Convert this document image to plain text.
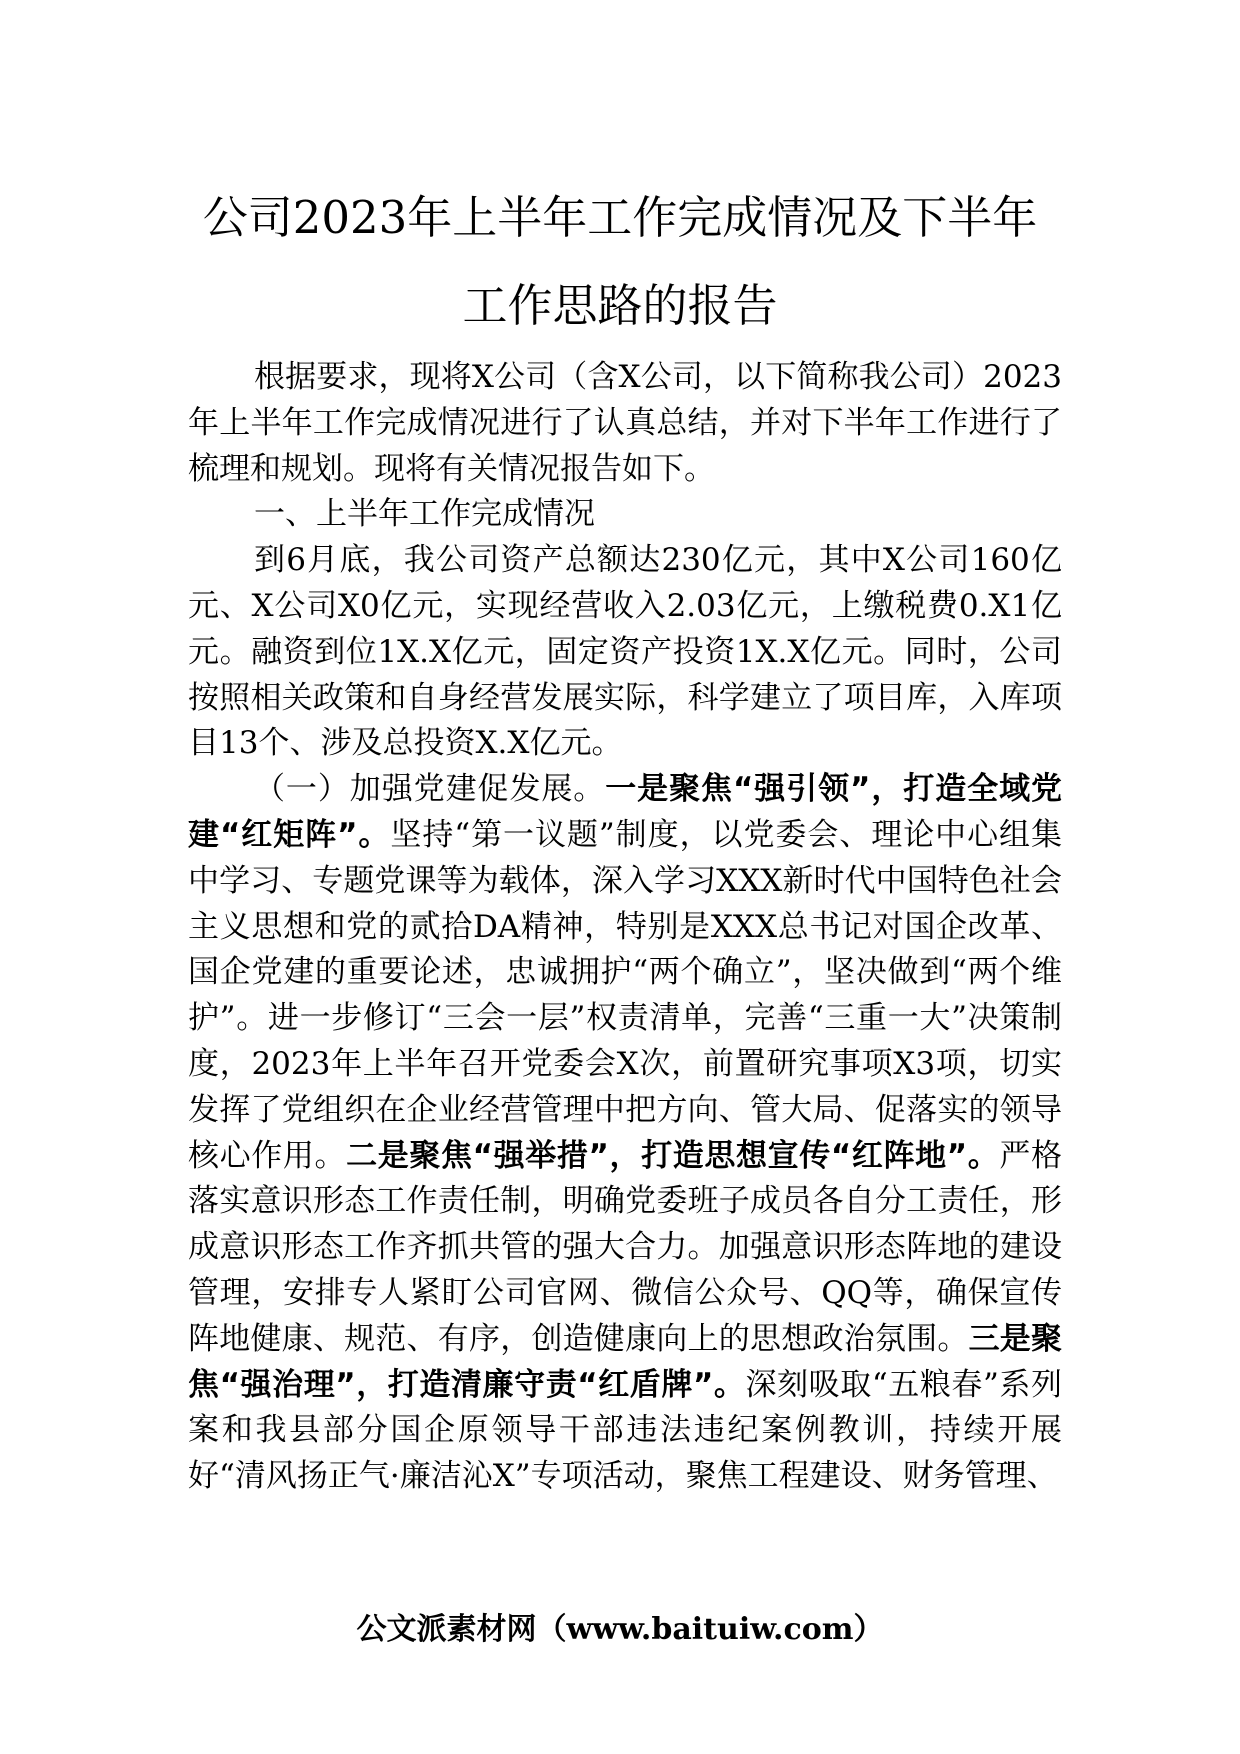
公司2023年上半年工作完成情况及下半年
工作思路的报告

根据要求，现将X公司（含X公司，以下简称我公司）2023年上半年工作完成情况进行了认真总结，并对下半年工作进行了梳理和规划。现将有关情况报告如下。

一、上半年工作完成情况

到6月底，我公司资产总额达230亿元，其中X公司160亿元、X公司X0亿元，实现经营收入2.03亿元，上缴税费0.X1亿元。融资到位1X.X亿元，固定资产投资1X.X亿元。同时，公司按照相关政策和自身经营发展实际，科学建立了项目库，入库项目13个、涉及总投资X.X亿元。

（一）加强党建促发展。一是聚焦“强引领”，打造全域党建“红矩阵”。坚持“第一议题”制度，以党委会、理论中心组集中学习、专题党课等为载体，深入学习XXX新时代中国特色社会主义思想和党的贰拾DA精神，特别是XXX总书记对国企改革、国企党建的重要论述，忠诚拥护“两个确立”，坚决做到“两个维护”。进一步修订“三会一层”权责清单，完善“三重一大”决策制度，2023年上半年召开党委会X次，前置研究事项X3项，切实发挥了党组织在企业经营管理中把方向、管大局、促落实的领导核心作用。二是聚焦“强举措”，打造思想宣传“红阵地”。严格落实意识形态工作责任制，明确党委班子成员各自分工责任，形成意识形态工作齐抓共管的强大合力。加强意识形态阵地的建设管理，安排专人紧盯公司官网、微信公众号、QQ等，确保宣传阵地健康、规范、有序，创造健康向上的思想政治氛围。三是聚焦“强治理”，打造清廉守责“红盾牌”。深刻吸取“五粮春”系列案和我县部分国企原领导干部违法违纪案例教训，持续开展好“清风扬正气·廉洁沁X”专项活动，聚焦工程建设、财务管理、

公文派素材网（www.baituiw.com）
